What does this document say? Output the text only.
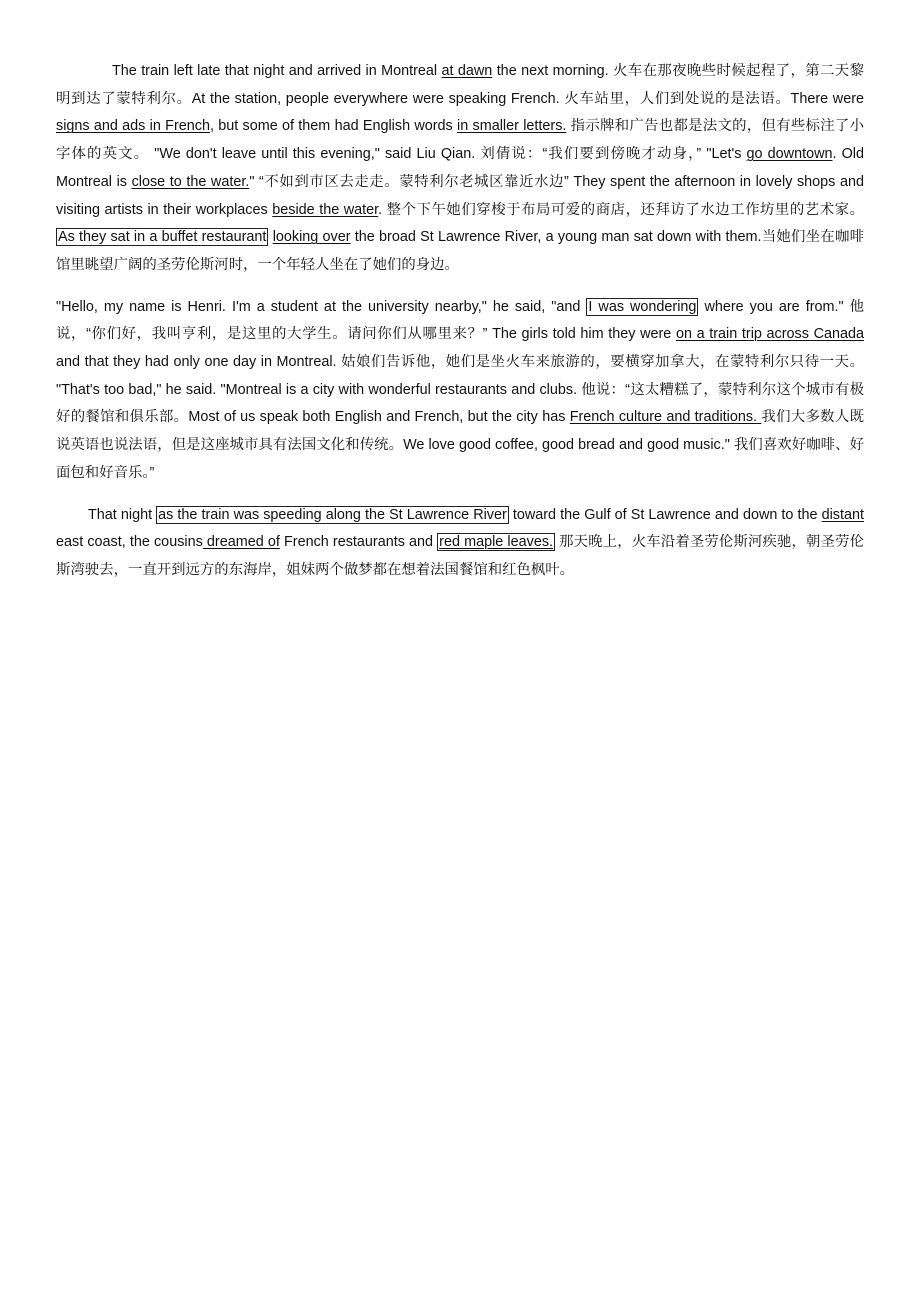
The train left late that night and arrived in Montreal at dawn the next morning. 火车在那夜晚些时候起程了，第二天黎明到达了蒙特利尔。At the station, people everywhere were speaking French. 火车站里，人们到处说的是法语。There were signs and ads in French, but some of them had English words in smaller letters. 指示牌和广告也都是法文的，但有些标注了小字体的英文。 "We don't leave until this evening," said Liu Qian. 刘倩说：“我们要到傍晚才动身，” "Let's go downtown. Old Montreal is close to the water." “不如到市区去走走。蒙特利尔老城区靠近水边” They spent the afternoon in lovely shops and visiting artists in their workplaces beside the water. 整个下午她们穿梭于布局可爱的商店，还拜访了水边工作坊里的艺术家。 As they sat in a buffet restaurant looking over the broad St Lawrence River, a young man sat down with them.当她们坐在咖啡馆里眺望广阔的圣劳伦斯河时，一个年轻人坐在了她们的身边。

"Hello, my name is Henri. I'm a student at the university nearby," he said, "and I was wondering where you are from." 他说，“你们好，我叫亨利，是这里的大学生。请问你们从哪里来？” The girls told him they were on a train trip across Canada and that they had only one day in Montreal. 姑娘们告诉他，她们是坐火车来旅游的，要横穿加拿大，在蒙特利尔只待一天。 "That's too bad," he said. "Montreal is a city with wonderful restaurants and clubs. 他说：“这太糟糕了，蒙特利尔这个城市有极好的餐馆和俱乐部。Most of us speak both English and French, but the city has French culture and traditions. 我们大多数人既说英语也说法语，但是这座城市具有法国文化和传统。We love good coffee, good bread and good music." 我们喜欢好咖啡、好面包和好音乐。”

That night as the train was speeding along the St Lawrence River toward the Gulf of St Lawrence and down to the distant east coast, the cousins dreamed of French restaurants and red maple leaves. 那天晚上，火车沿着圣劳伦斯河疾驰，朝圣劳伦斯湾驶去，一直开到远方的东海岸，姐妹两个做梦都在想着法国餐馆和红色枫叶。
